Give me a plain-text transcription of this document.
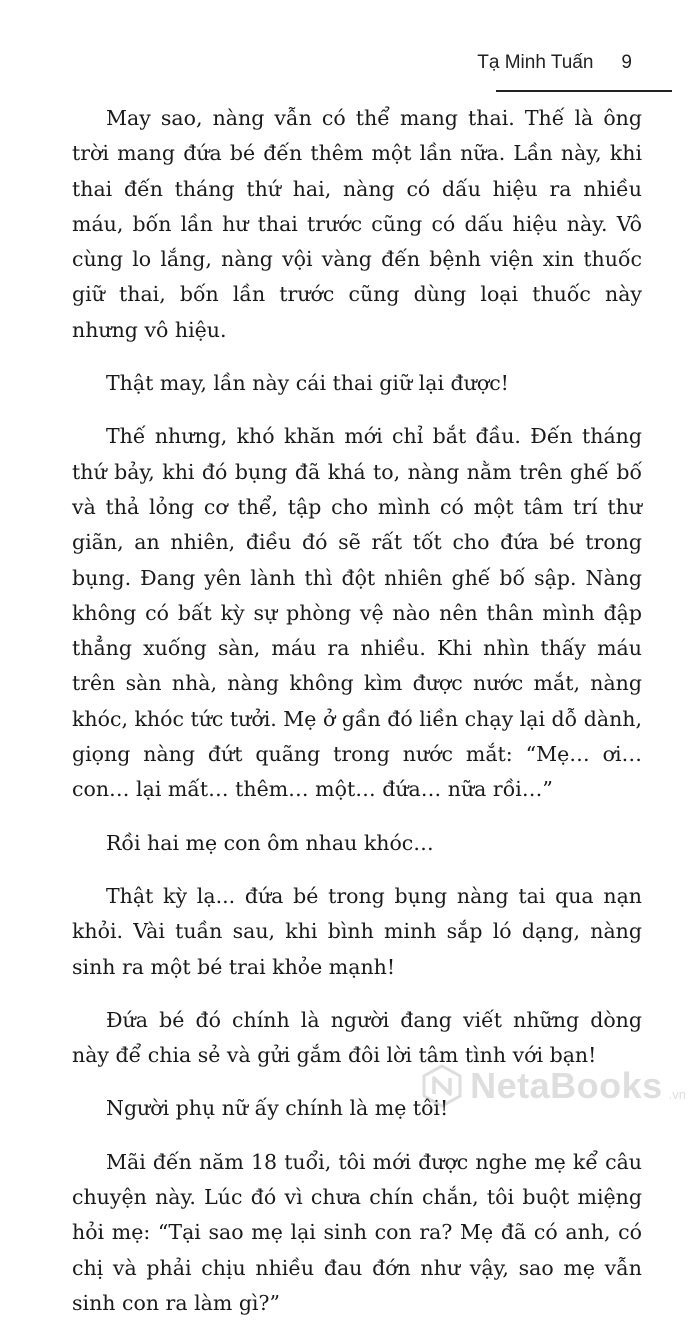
Tạ Minh Tuấn 9

May sao, nàng vẫn có thể mang thai. Thế là ông trời mang đứa bé đến thêm một lần nữa. Lần này, khi thai đến tháng thứ hai, nàng có dấu hiệu ra nhiều máu, bốn lần hư thai trước cũng có dấu hiệu này. Vô cùng lo lắng, nàng vội vàng đến bệnh viện xin thuốc giữ thai, bốn lần trước cũng dùng loại thuốc này nhưng vô hiệu.

Thật may, lần này cái thai giữ lại được!

Thế nhưng, khó khăn mới chỉ bắt đầu. Đến tháng thứ bảy, khi đó bụng đã khá to, nàng nằm trên ghế bố và thả lỏng cơ thể, tập cho mình có một tâm trí thư giãn, an nhiên, điều đó sẽ rất tốt cho đứa bé trong bụng. Đang yên lành thì đột nhiên ghế bố sập. Nàng không có bất kỳ sự phòng vệ nào nên thân mình đập thẳng xuống sàn, máu ra nhiều. Khi nhìn thấy máu trên sàn nhà, nàng không kìm được nước mắt, nàng khóc, khóc tức tưởi. Mẹ ở gần đó liền chạy lại dỗ dành, giọng nàng đứt quãng trong nước mắt: “Mẹ… ơi… con… lại mất… thêm… một… đứa… nữa rồi…”

Rồi hai mẹ con ôm nhau khóc…

Thật kỳ lạ... đứa bé trong bụng nàng tai qua nạn khỏi. Vài tuần sau, khi bình minh sắp ló dạng, nàng sinh ra một bé trai khỏe mạnh!

Đứa bé đó chính là người đang viết những dòng này để chia sẻ và gửi gắm đôi lời tâm tình với bạn!

Người phụ nữ ấy chính là mẹ tôi!

Mãi đến năm 18 tuổi, tôi mới được nghe mẹ kể câu chuyện này. Lúc đó vì chưa chín chắn, tôi buột miệng hỏi mẹ: “Tại sao mẹ lại sinh con ra? Mẹ đã có anh, có chị và phải chịu nhiều đau đớn như vậy, sao mẹ vẫn sinh con ra làm gì?”

NetaBooks .vn
